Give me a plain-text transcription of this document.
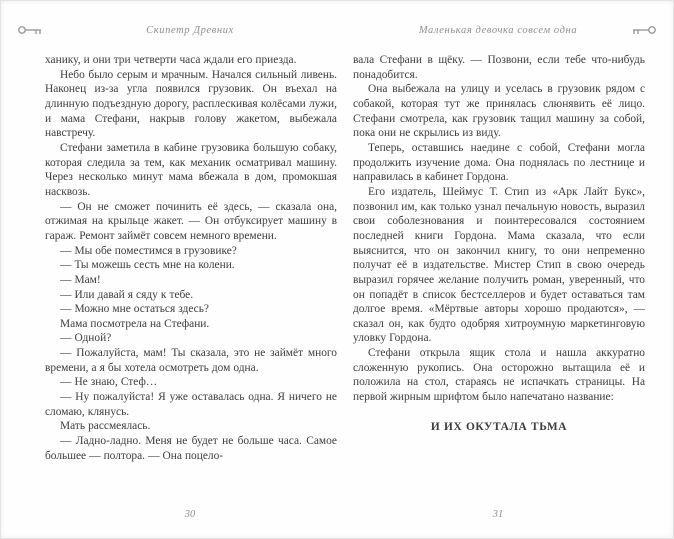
Скипетр Древних	Маленькая девочка совсем одна

ханику, и они три четверти часа ждали его приезда.

Небо было серым и мрачным. Начался сильный ливень. Наконец из-за угла появился грузовик. Он въехал на длинную подъездную дорогу, расплескивая колёсами лужи, и мама Стефани, накрыв голову жакетом, выбежала навстречу.

Стефани заметила в кабине грузовика большую собаку, которая следила за тем, как механик осматривал машину. Через несколько минут мама вбежала в дом, промокшая насквозь.

— Он не сможет починить её здесь, — сказала она, отжимая на крыльце жакет. — Он отбуксирует машину в гараж. Ремонт займёт совсем немного времени.

— Мы обе поместимся в грузовике?

— Ты можешь сесть мне на колени.

— Мам!

— Или давай я сяду к тебе.

— Можно мне остаться здесь?

Мама посмотрела на Стефани.

— Одной?

— Пожалуйста, мам! Ты сказала, это не займёт много времени, а я бы хотела осмотреть дом одна.

— Не знаю, Стеф…

— Ну пожалуйста! Я уже оставалась одна. Я ничего не сломаю, клянусь.

Мать рассмеялась.

— Ладно-ладно. Меня не будет не больше часа. Самое большее — полтора. — Она поцело-

вала Стефани в щёку. — Позвони, если тебе что-нибудь понадобится.

Она выбежала на улицу и уселась в грузовик рядом с собакой, которая тут же принялась слюнявить её лицо. Стефани смотрела, как грузовик тащил машину за собой, пока они не скрылись из виду.

Теперь, оставшись наедине с собой, Стефани могла продолжить изучение дома. Она поднялась по лестнице и направилась в кабинет Гордона.

Его издатель, Шеймус Т. Стип из «Арк Лайт Букс», позвонил им, как только узнал печальную новость, выразил свои соболезнования и поинтересовался состоянием последней книги Гордона. Мама сказала, что если выяснится, что он закончил книгу, то они непременно получат её в издательстве. Мистер Стип в свою очередь выразил горячее желание получить роман, уверенный, что он попадёт в список бестселлеров и будет оставаться там долгое время. «Мёртвые авторы хорошо продаются», — сказал он, как будто одобряя хитроумную маркетинговую уловку Гордона.

Стефани открыла ящик стола и нашла аккуратно сложенную рукопись. Она осторожно вытащила её и положила на стол, стараясь не испачкать страницы. На первой жирным шрифтом было напечатано название:

И ИХ ОКУТАЛА ТЬМА

30	31
